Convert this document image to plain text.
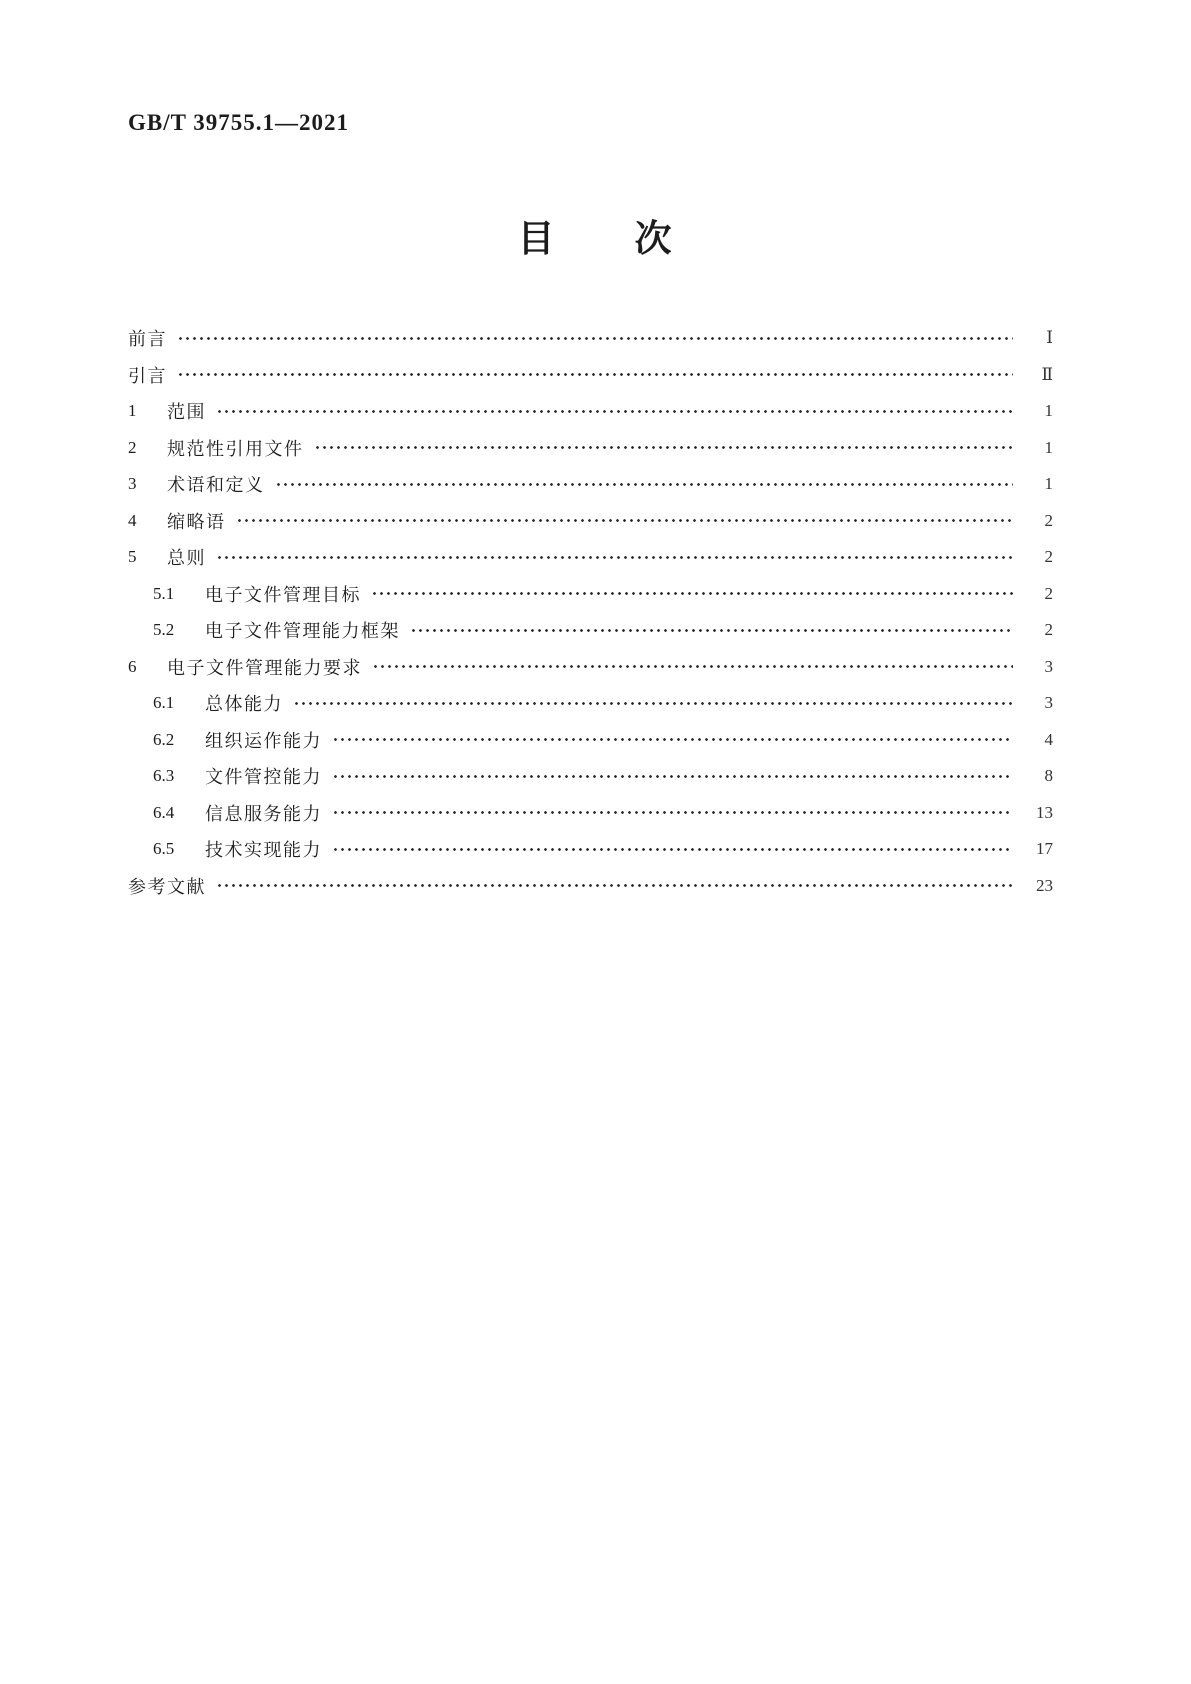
GB/T 39755.1—2021
目　　次
前言	Ⅰ
引言	Ⅱ
1	范围	1
2	规范性引用文件	1
3	术语和定义	1
4	缩略语	2
5	总则	2
5.1	电子文件管理目标	2
5.2	电子文件管理能力框架	2
6	电子文件管理能力要求	3
6.1	总体能力	3
6.2	组织运作能力	4
6.3	文件管控能力	8
6.4	信息服务能力	13
6.5	技术实现能力	17
参考文献	23
